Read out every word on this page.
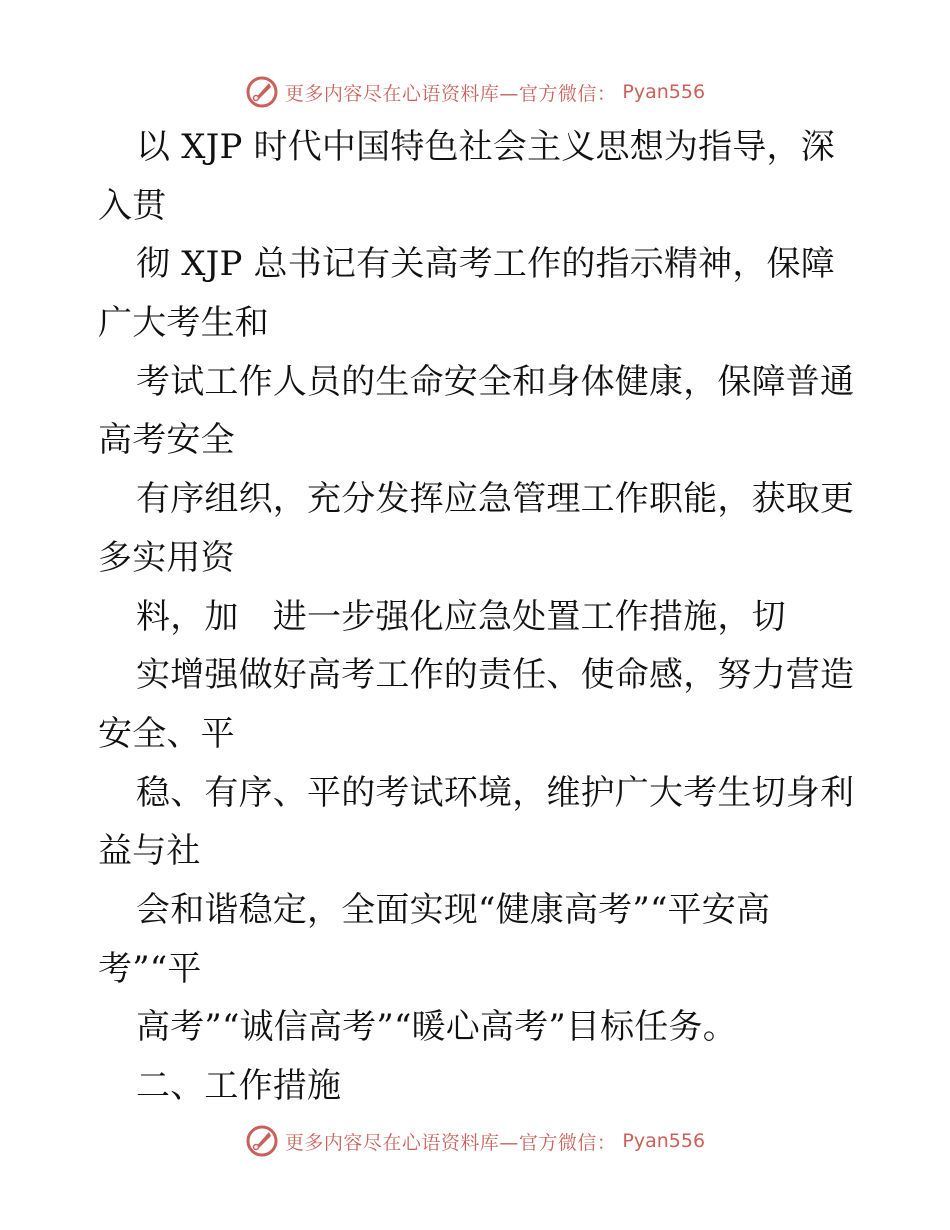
更多内容尽在心语资料库—官方微信： Pyan556
以 XJP 时代中国特色社会主义思想为指导，深
入贯
彻 XJP 总书记有关高考工作的指示精神，保障
广大考生和
考试工作人员的生命安全和身体健康，保障普通
高考安全
有序组织，充分发挥应急管理工作职能，获取更
多实用资
料，加　进一步强化应急处置工作措施，切
实增强做好高考工作的责任、使命感，努力营造
安全、平
稳、有序、平的考试环境，维护广大考生切身利
益与社
会和谐稳定，全面实现“健康高考”“平安高
考”“平
高考”“诚信高考”“暖心高考”目标任务。
二、工作措施
更多内容尽在心语资料库—官方微信： Pyan556
